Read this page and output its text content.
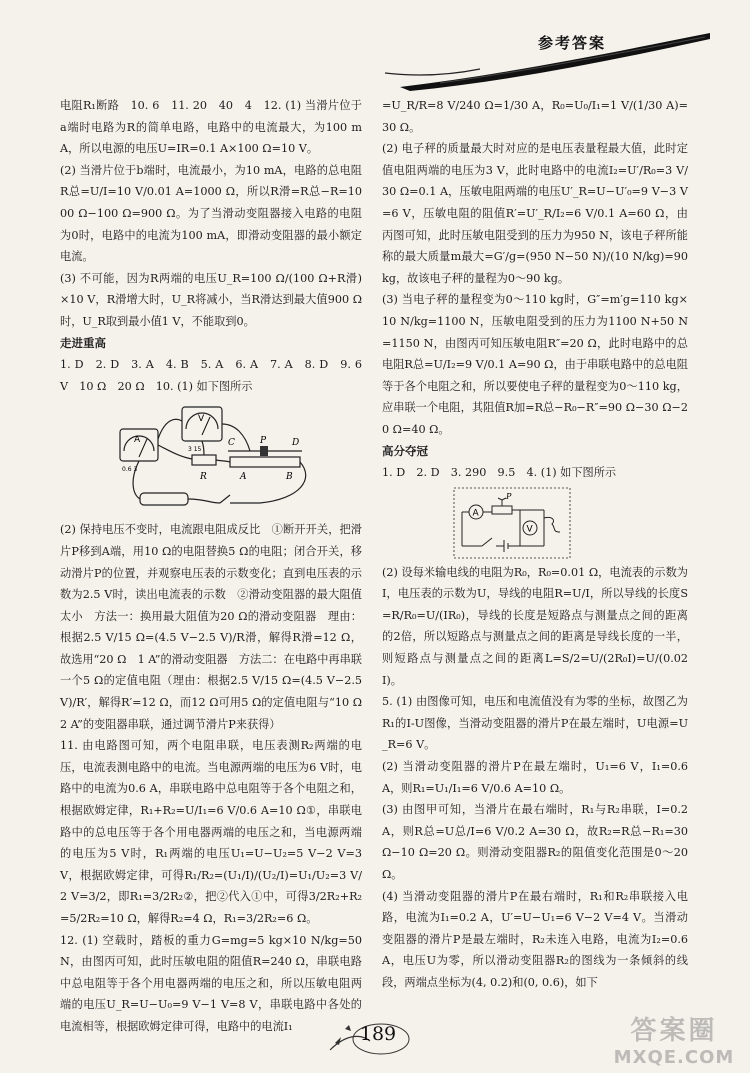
参考答案

电阻R₁断路　10. 6　11. 20　40　4　12. (1) 当滑片位于a端时电路为R的简单电路，电路中的电流最大，为100 mA，所以电源的电压U=IR=0.1 A×100 Ω=10 V。

(2) 当滑片位于b端时，电流最小，为10 mA，电路的总电阻R总=U/I=10 V/0.01 A=1000 Ω，所以R滑=R总−R=1000 Ω−100 Ω=900 Ω。为了当滑动变阻器接入电路的电阻为0时，电路中的电流为100 mA，即滑动变阻器的最小额定电流。

(3) 不可能，因为R两端的电压U_R=100 Ω/(100 Ω+R滑)×10 V，R滑增大时，U_R将减小，当R滑达到最大值900 Ω时，U_R取到最小值1 V，不能取到0。

走进重高

1. D　2. D　3. A　4. B　5. A　6. A　7. A　8. D　9. 6 V　10 Ω　20 Ω　10. (1) 如下图所示

A
V
0.6 3
3 15
C	D
P
A	B
R

(2) 保持电压不变时，电流跟电阻成反比　①断开开关，把滑片P移到A端，用10 Ω的电阻替换5 Ω的电阻；闭合开关，移动滑片P的位置，并观察电压表的示数变化；直到电压表的示数为2.5 V时，读出电流表的示数　②滑动变阻器的最大阻值太小　方法一：换用最大阻值为20 Ω的滑动变阻器　理由：根据2.5 V/15 Ω=(4.5 V−2.5 V)/R滑，解得R滑=12 Ω，故选用“20 Ω　1 A”的滑动变阻器　方法二：在电路中再串联一个5 Ω的定值电阻（理由：根据2.5 V/15 Ω=(4.5 V−2.5 V)/R′，解得R′=12 Ω，而12 Ω可用5 Ω的定值电阻与“10 Ω　2 A”的变阻器串联，通过调节滑片P来获得）

11. 由电路图可知，两个电阻串联，电压表测R₂两端的电压，电流表测电路中的电流。当电源两端的电压为6 V时，电路中的电流为0.6 A，串联电路中总电阻等于各个电阻之和，根据欧姆定律，R₁+R₂=U/I₁=6 V/0.6 A=10 Ω①，串联电路中的总电压等于各个用电器两端的电压之和，当电源两端的电压为5 V时，R₁两端的电压U₁=U−U₂=5 V−2 V=3 V，根据欧姆定律，可得R₁/R₂=(U₁/I)/(U₂/I)=U₁/U₂=3 V/2 V=3/2，即R₁=3/2R₂②，把②代入①中，可得3/2R₂+R₂=5/2R₂=10 Ω，解得R₂=4 Ω，R₁=3/2R₂=6 Ω。

12. (1) 空载时，踏板的重力G=mg=5 kg×10 N/kg=50 N，由图丙可知，此时压敏电阻的阻值R=240 Ω，串联电路中总电阻等于各个用电器两端的电压之和，所以压敏电阻两端的电压U_R=U−U₀=9 V−1 V=8 V，串联电路中各处的电流相等，根据欧姆定律可得，电路中的电流I₁

=U_R/R=8 V/240 Ω=1/30 A，R₀=U₀/I₁=1 V/(1/30 A)=30 Ω。

(2) 电子秤的质量最大时对应的是电压表量程最大值，此时定值电阻两端的电压为3 V，此时电路中的电流I₂=U′/R₀=3 V/30 Ω=0.1 A，压敏电阻两端的电压U′_R=U−U′₀=9 V−3 V=6 V，压敏电阻的阻值R′=U′_R/I₂=6 V/0.1 A=60 Ω，由丙图可知，此时压敏电阻受到的压力为950 N，该电子秤所能称的最大质量m最大=G′/g=(950 N−50 N)/(10 N/kg)=90 kg，故该电子秤的量程为0～90 kg。

(3) 当电子秤的量程变为0～110 kg时，G″=m′g=110 kg×10 N/kg=1100 N，压敏电阻受到的压力为1100 N+50 N=1150 N，由图丙可知压敏电阻R″=20 Ω，此时电路中的总电阻R总=U/I₂=9 V/0.1 A=90 Ω，由于串联电路中的总电阻等于各个电阻之和，所以要使电子秤的量程变为0～110 kg，应串联一个电阻，其阻值R加=R总−R₀−R″=90 Ω−30 Ω−20 Ω=40 Ω。

高分夺冠

1. D　2. D　3. 290　9.5　4. (1) 如下图所示

A
V
P

(2) 设每米输电线的电阻为R₀，R₀=0.01 Ω，电流表的示数为I，电压表的示数为U，导线的电阻R=U/I，所以导线的长度S=R/R₀=U/(IR₀)，导线的长度是短路点与测量点之间的距离的2倍，所以短路点与测量点之间的距离是导线长度的一半，则短路点与测量点之间的距离L=S/2=U/(2R₀I)=U/(0.02I)。

5. (1) 由图像可知，电压和电流值没有为零的坐标，故图乙为R₁的I-U图像，当滑动变阻器的滑片P在最左端时，U电源=U_R=6 V。

(2) 当滑动变阻器的滑片P在最左端时，U₁=6 V，I₁=0.6 A，则R₁=U₁/I₁=6 V/0.6 A=10 Ω。

(3) 由图甲可知，当滑片在最右端时，R₁与R₂串联，I=0.2 A，则R总=U总/I=6 V/0.2 A=30 Ω，故R₂=R总−R₁=30 Ω−10 Ω=20 Ω。则滑动变阻器R₂的阻值变化范围是0～20 Ω。

(4) 当滑动变阻器的滑片P在最右端时，R₁和R₂串联接入电路，电流为I₁=0.2 A，U′=U−U₁=6 V−2 V=4 V。当滑动变阻器的滑片P是最左端时，R₂未连入电路，电流为I₂=0.6 A，电压U为零，所以滑动变阻器R₂的图线为一条倾斜的线段，两端点坐标为(4, 0.2)和(0, 0.6)，如下

189	答案圈
MXQE.COM
